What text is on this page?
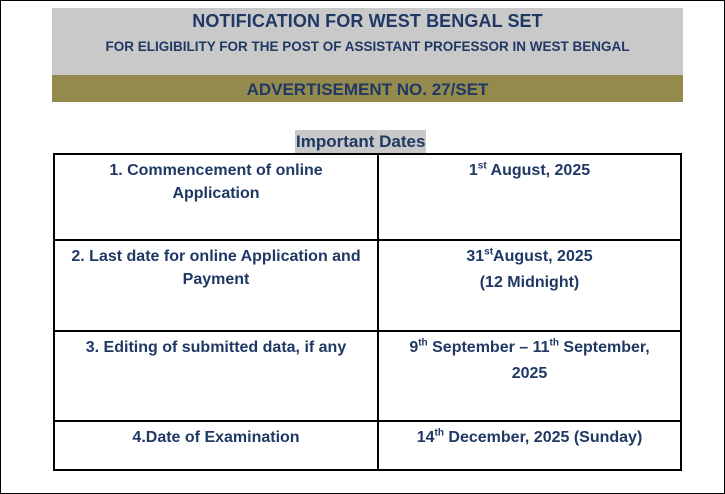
NOTIFICATION FOR WEST BENGAL SET
FOR ELIGIBILITY FOR THE POST OF ASSISTANT PROFESSOR IN WEST BENGAL
ADVERTISEMENT NO. 27/SET
Important Dates
1. Commencement of online
Application	1st August, 2025
2. Last date for online Application and
Payment	31stAugust, 2025
(12 Midnight)

3. Editing of submitted data, if any	9th September – 11th September,
2025

4.Date of Examination	14th December, 2025 (Sunday)
